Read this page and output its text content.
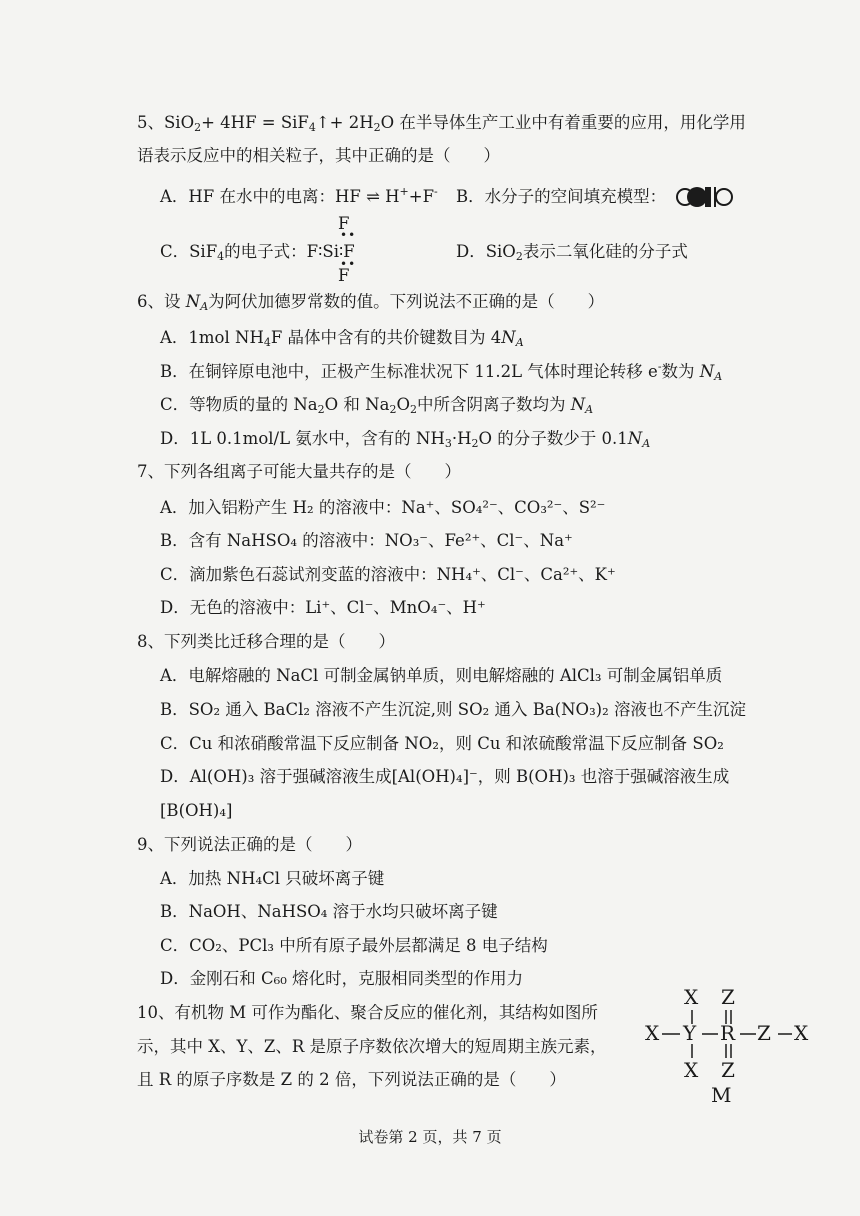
5、SiO$_2$+ 4HF = SiF$_4$↑+ $2H_2O$ 在半导体生产工业中有着重要的应用，用化学用
语表示反应中的相关粒子，其中正确的是（　　）
A．HF 在水中的电离：HF ⇌ H++F- B．水分子的空间填充模型：
F
••
C．SiF$_4$的电子式：F∶Si∶F
••
F
D．SiO$_2$表示二氧化硅的分子式
6、设 $N_A$为阿伏加德罗常数的值。下列说法不正确的是（　　）
A．1mol $NH_4F$ 晶体中含有的共价键数目为 $4N_A$
B．在铜锌原电池中，正极产生标准状况下 11.2L 气体时理论转移 e-数为 $N_A$
C．等物质的量的 $Na_2O$ 和 $Na_2O_2$中所含阴离子数均为 $N_A$
D．1L 0.1mol/L 氨水中，含有的 $NH_3\cdot H_2O$ 的分子数少于 $0.1N_A$
7、下列各组离子可能大量共存的是（　　）
A．加入铝粉产生 H₂ 的溶液中：Na⁺、SO₄²⁻、CO₃²⁻、S²⁻
B．含有 NaHSO₄ 的溶液中：NO₃⁻、Fe²⁺、Cl⁻、Na⁺
C．滴加紫色石蕊试剂变蓝的溶液中：NH₄⁺、Cl⁻、Ca²⁺、K⁺
D．无色的溶液中：Li⁺、Cl⁻、MnO₄⁻、H⁺
8、下列类比迁移合理的是（　　）
A．电解熔融的 NaCl 可制金属钠单质，则电解熔融的 AlCl₃ 可制金属铝单质
B．SO₂ 通入 BaCl₂ 溶液不产生沉淀,则 SO₂ 通入 Ba(NO₃)₂ 溶液也不产生沉淀
C．Cu 和浓硝酸常温下反应制备 NO₂，则 Cu 和浓硫酸常温下反应制备 SO₂
D．Al(OH)₃ 溶于强碱溶液生成[Al(OH)₄]⁻，则 B(OH)₃ 也溶于强碱溶液生成
[B(OH)₄]
9、下列说法正确的是（　　）
A．加热 NH₄Cl 只破坏离子键
B．NaOH、NaHSO₄ 溶于水均只破坏离子键
C．CO₂、PCl₃ 中所有原子最外层都满足 8 电子结构
D．金刚石和 C₆₀ 熔化时，克服相同类型的作用力
10、有机物 M 可作为酯化、聚合反应的催化剂，其结构如图所
示，其中 X、Y、Z、R 是原子序数依次增大的短周期主族元素，
且 R 的原子序数是 Z 的 2 倍，下列说法正确的是（　　）
X Z
X Y R Z X
X Z
M
试卷第 2 页，共 7 页
